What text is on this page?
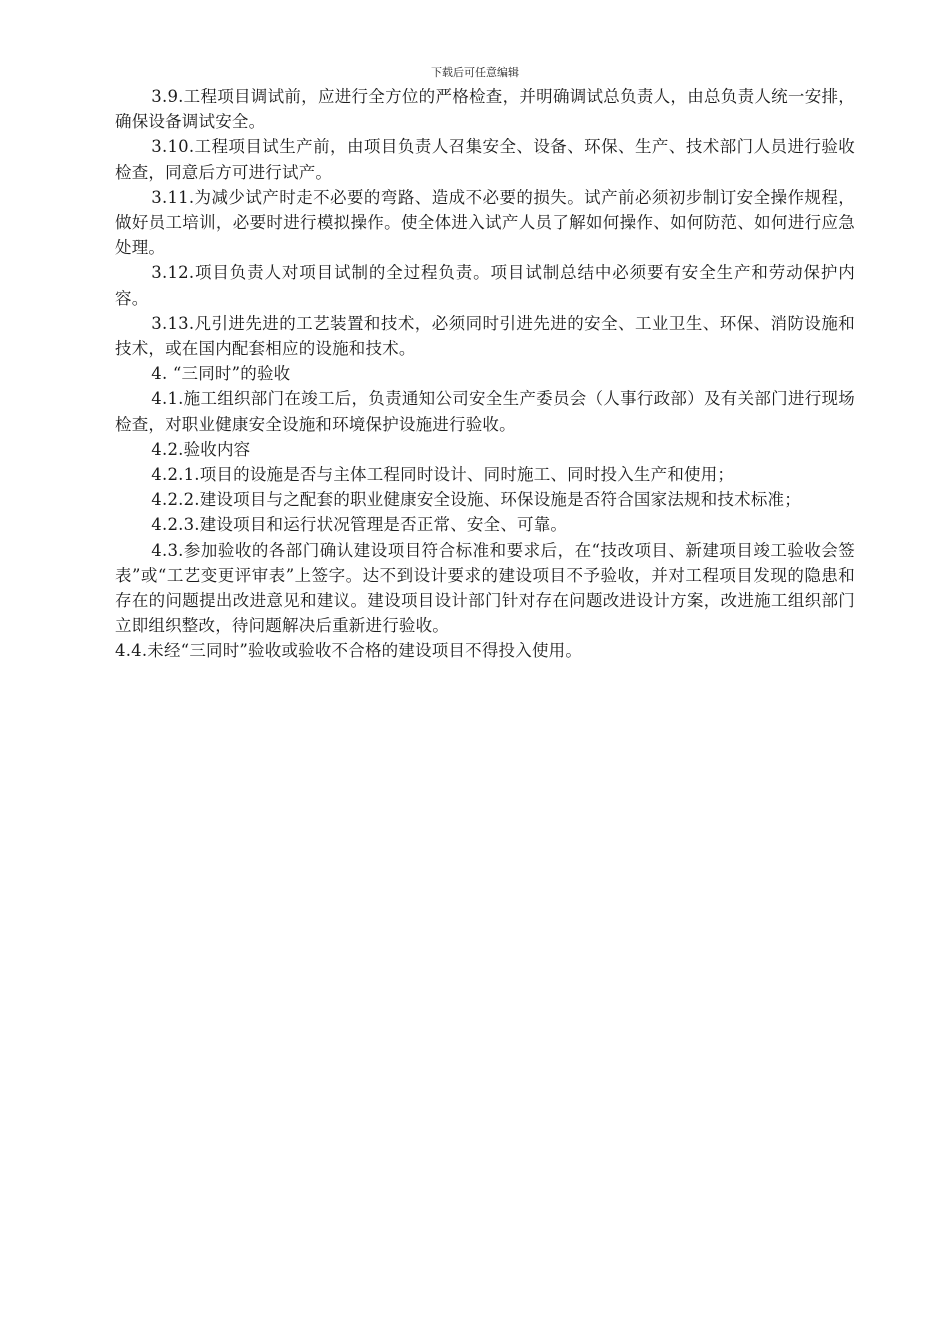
下载后可任意编辑

3.9.工程项目调试前，应进行全方位的严格检查，并明确调试总负责人，由总负责人统一安排，确保设备调试安全。

3.10.工程项目试生产前，由项目负责人召集安全、设备、环保、生产、技术部门人员进行验收检查，同意后方可进行试产。

3.11.为减少试产时走不必要的弯路、造成不必要的损失。试产前必须初步制订安全操作规程，做好员工培训，必要时进行模拟操作。使全体进入试产人员了解如何操作、如何防范、如何进行应急处理。

3.12.项目负责人对项目试制的全过程负责。项目试制总结中必须要有安全生产和劳动保护内容。

3.13.凡引进先进的工艺装置和技术，必须同时引进先进的安全、工业卫生、环保、消防设施和技术，或在国内配套相应的设施和技术。

4. “三同时”的验收

4.1.施工组织部门在竣工后，负责通知公司安全生产委员会（人事行政部）及有关部门进行现场检查，对职业健康安全设施和环境保护设施进行验收。

4.2.验收内容

4.2.1.项目的设施是否与主体工程同时设计、同时施工、同时投入生产和使用；

4.2.2.建设项目与之配套的职业健康安全设施、环保设施是否符合国家法规和技术标准；

4.2.3.建设项目和运行状况管理是否正常、安全、可靠。

4.3.参加验收的各部门确认建设项目符合标准和要求后，在“技改项目、新建项目竣工验收会签表”或“工艺变更评审表”上签字。达不到设计要求的建设项目不予验收，并对工程项目发现的隐患和存在的问题提出改进意见和建议。建设项目设计部门针对存在问题改进设计方案，改进施工组织部门立即组织整改，待问题解决后重新进行验收。

4.4.未经“三同时”验收或验收不合格的建设项目不得投入使用。
